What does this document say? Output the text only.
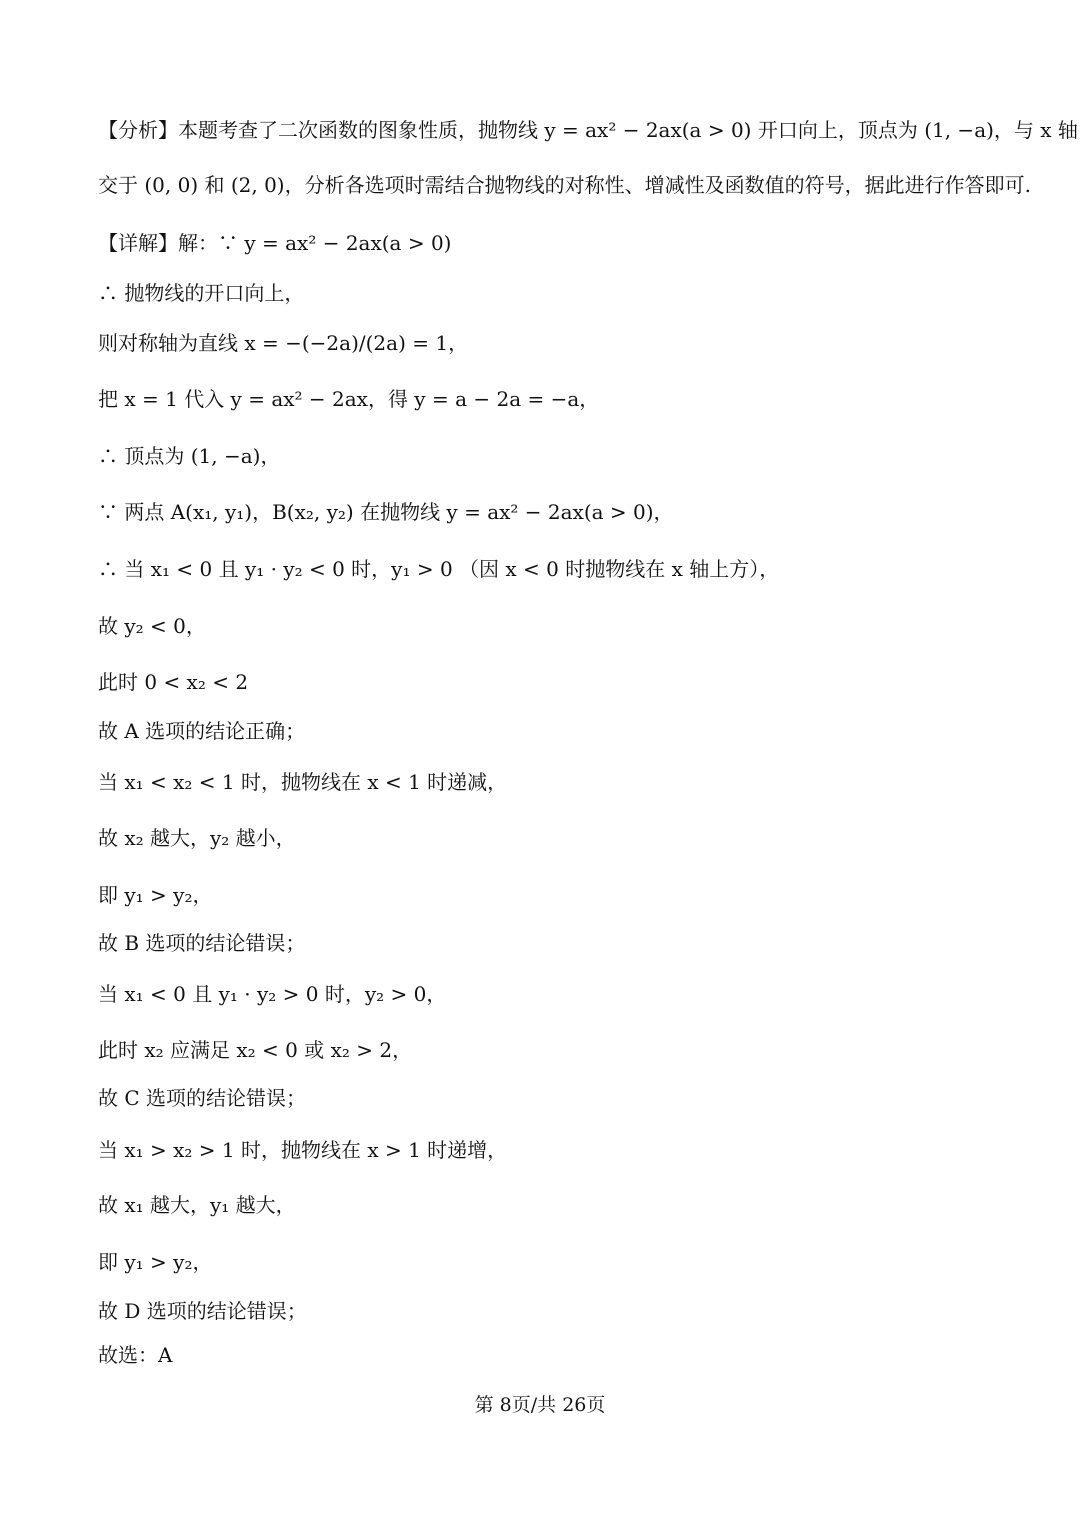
【分析】本题考查了二次函数的图象性质，抛物线 y = ax² − 2ax(a > 0) 开口向上，顶点为 (1, −a)，与 x 轴
交于 (0, 0) 和 (2, 0)，分析各选项时需结合抛物线的对称性、增减性及函数值的符号，据此进行作答即可.
【详解】解：∵ y = ax² − 2ax(a > 0)
∴ 抛物线的开口向上，
则对称轴为直线 x = −(−2a)/(2a) = 1，
把 x = 1 代入 y = ax² − 2ax，得 y = a − 2a = −a，
∴ 顶点为 (1, −a)，
∵ 两点 A(x₁, y₁)，B(x₂, y₂) 在抛物线 y = ax² − 2ax(a > 0)，
∴ 当 x₁ < 0 且 y₁ · y₂ < 0 时，y₁ > 0 （因 x < 0 时抛物线在 x 轴上方），
故 y₂ < 0，
此时 0 < x₂ < 2
故 A 选项的结论正确；
当 x₁ < x₂ < 1 时，抛物线在 x < 1 时递减，
故 x₂ 越大，y₂ 越小，
即 y₁ > y₂，
故 B 选项的结论错误；
当 x₁ < 0 且 y₁ · y₂ > 0 时，y₂ > 0，
此时 x₂ 应满足 x₂ < 0 或 x₂ > 2，
故 C 选项的结论错误；
当 x₁ > x₂ > 1 时，抛物线在 x > 1 时递增，
故 x₁ 越大，y₁ 越大，
即 y₁ > y₂，
故 D 选项的结论错误；
故选：A
第 8页/共 26页
